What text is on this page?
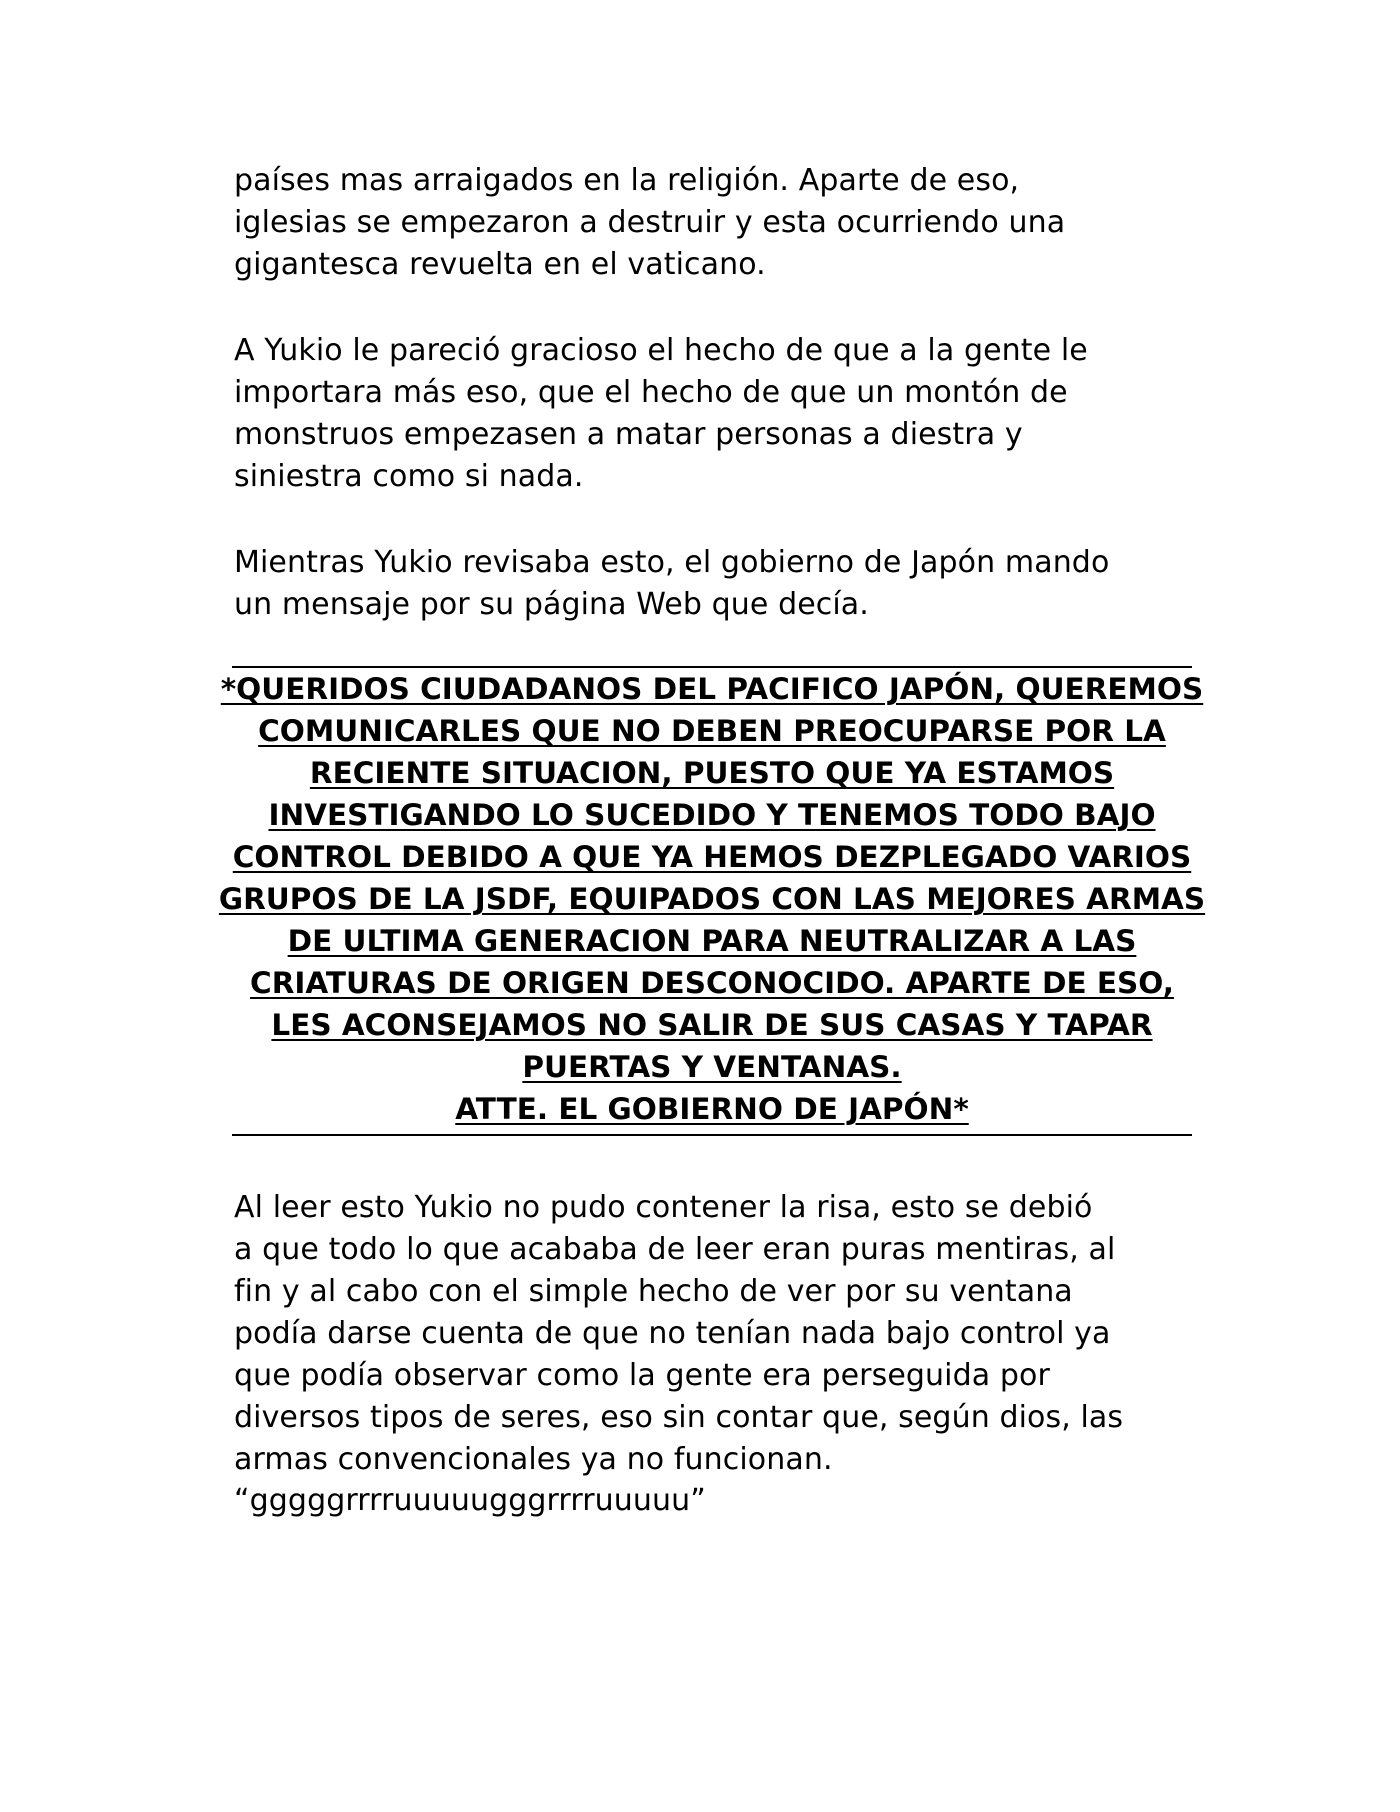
países mas arraigados en la religión. Aparte de eso,
iglesias se empezaron a destruir y esta ocurriendo una
gigantesca revuelta en el vaticano.

A Yukio le pareció gracioso el hecho de que a la gente le
importara más eso, que el hecho de que un montón de
monstruos empezasen a matar personas a diestra y
siniestra como si nada.

Mientras Yukio revisaba esto, el gobierno de Japón mando
un mensaje por su página Web que decía.

*QUERIDOS CIUDADANOS DEL PACIFICO JAPÓN, QUEREMOS
COMUNICARLES QUE NO DEBEN PREOCUPARSE POR LA
RECIENTE SITUACION, PUESTO QUE YA ESTAMOS
INVESTIGANDO LO SUCEDIDO Y TENEMOS TODO BAJO
CONTROL DEBIDO A QUE YA HEMOS DEZPLEGADO VARIOS
GRUPOS DE LA JSDF, EQUIPADOS CON LAS MEJORES ARMAS
DE ULTIMA GENERACION PARA NEUTRALIZAR A LAS
CRIATURAS DE ORIGEN DESCONOCIDO. APARTE DE ESO,
LES ACONSEJAMOS NO SALIR DE SUS CASAS Y TAPAR
PUERTAS Y VENTANAS.
ATTE. EL GOBIERNO DE JAPÓN*

Al leer esto Yukio no pudo contener la risa, esto se debió
a que todo lo que acababa de leer eran puras mentiras, al
fin y al cabo con el simple hecho de ver por su ventana
podía darse cuenta de que no tenían nada bajo control ya
que podía observar como la gente era perseguida por
diversos tipos de seres, eso sin contar que, según dios, las
armas convencionales ya no funcionan.

“gggggrrrruuuuugggrrrruuuuu”
